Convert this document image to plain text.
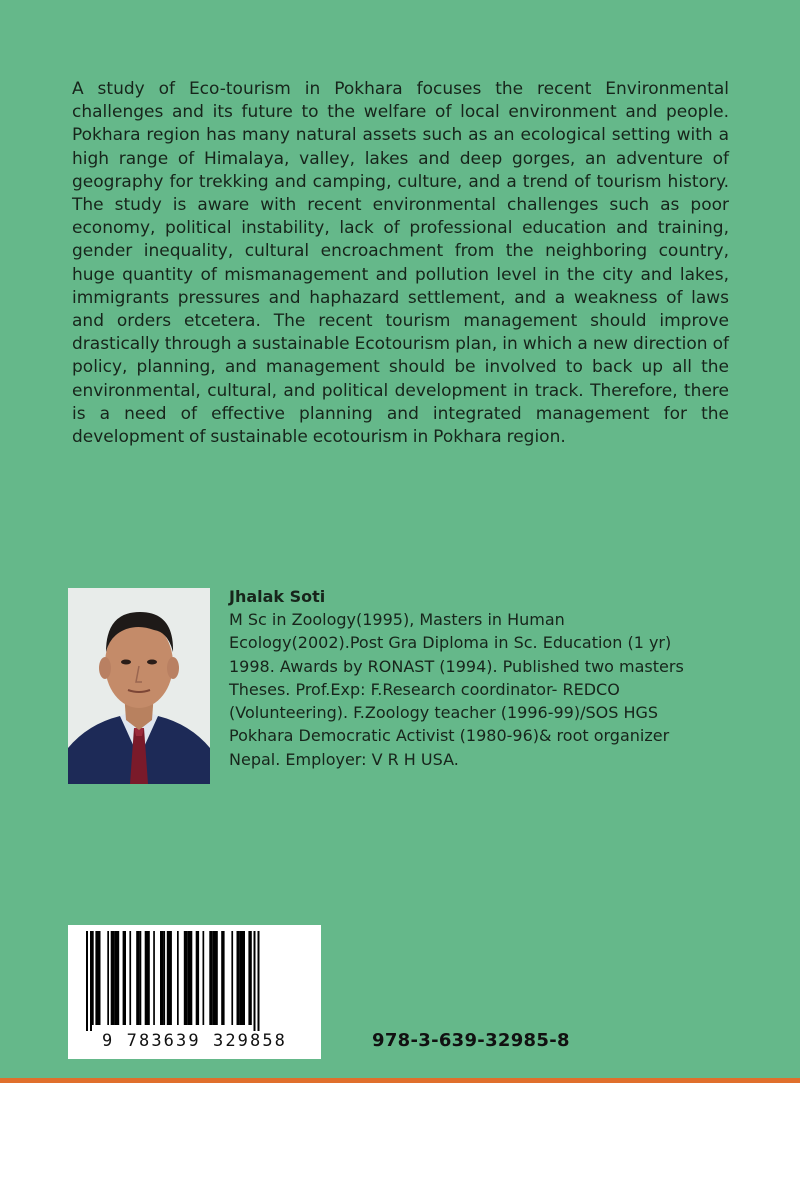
A study of Eco-tourism in Pokhara focuses the recent Environmental challenges and its future to the welfare of local environment and people. Pokhara region has many natural assets such as an ecological setting with a high range of Himalaya, valley, lakes and deep gorges, an adventure of geography for trekking and camping, culture, and a trend of tourism history. The study is aware with recent environmental challenges such as poor economy, political instability, lack of professional education and training, gender inequality, cultural encroachment from the neighboring country, huge quantity of mismanagement and pollution level in the city and lakes, immigrants pressures and haphazard settlement, and a weakness of laws and orders etcetera. The recent tourism management should improve drastically through a sustainable Ecotourism plan, in which a new direction of policy, planning, and management should be involved to back up all the environmental, cultural, and political development in track. Therefore, there is a need of effective planning and integrated management for the development of sustainable ecotourism in Pokhara region.

Jhalak Soti

M Sc in Zoology(1995), Masters in Human Ecology(2002).Post Gra Diploma in Sc. Education (1 yr) 1998. Awards by RONAST (1994). Published two masters Theses. Prof.Exp: F.Research coordinator- REDCO (Volunteering). F.Zoology teacher (1996-99)/SOS HGS Pokhara Democratic Activist (1980-96)& root organizer Nepal. Employer: V R H USA.

9 783639 329858	978-3-639-32985-8
